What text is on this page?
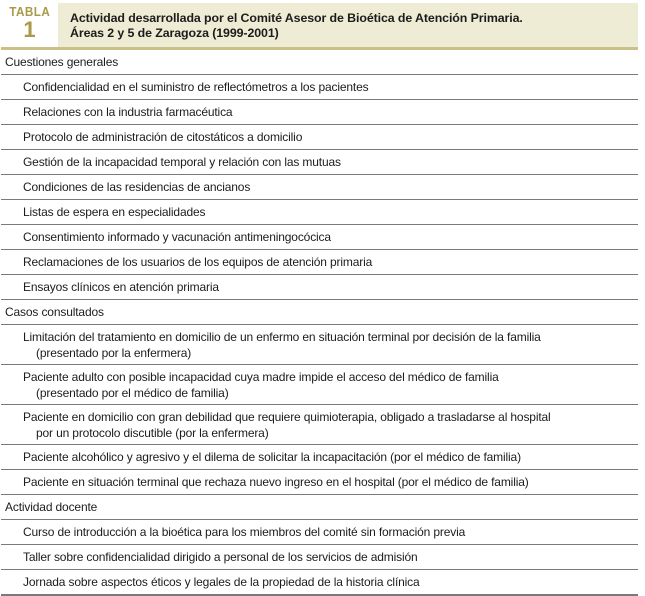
TABLA
1	Actividad desarrollada por el Comité Asesor de Bioética de Atención Primaria.
Áreas 2 y 5 de Zaragoza (1999-2001)
Cuestiones generales
Confidencialidad en el suministro de reflectómetros a los pacientes
Relaciones con la industria farmacéutica
Protocolo de administración de citostáticos a domicilio
Gestión de la incapacidad temporal y relación con las mutuas
Condiciones de las residencias de ancianos
Listas de espera en especialidades
Consentimiento informado y vacunación antimeningocócica
Reclamaciones de los usuarios de los equipos de atención primaria
Ensayos clínicos en atención primaria
Casos consultados
Limitación del tratamiento en domicilio de un enfermo en situación terminal por decisión de la familia
(presentado por la enfermera)
Paciente adulto con posible incapacidad cuya madre impide el acceso del médico de familia
(presentado por el médico de familia)
Paciente en domicilio con gran debilidad que requiere quimioterapia, obligado a trasladarse al hospital
por un protocolo discutible (por la enfermera)
Paciente alcohólico y agresivo y el dilema de solicitar la incapacitación (por el médico de familia)
Paciente en situación terminal que rechaza nuevo ingreso en el hospital (por el médico de familia)
Actividad docente
Curso de introducción a la bioética para los miembros del comité sin formación previa
Taller sobre confidencialidad dirigido a personal de los servicios de admisión
Jornada sobre aspectos éticos y legales de la propiedad de la historia clínica
